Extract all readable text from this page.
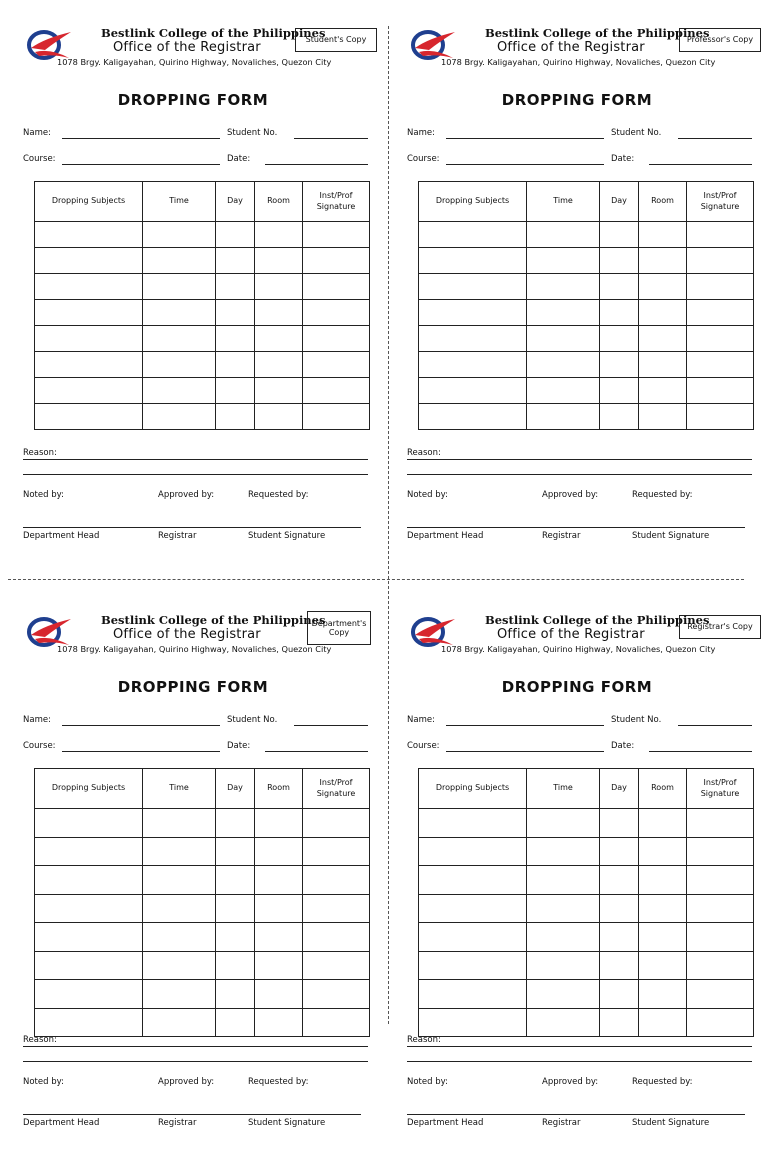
Bestlink College of the Philippines
Office of the Registrar
1078 Brgy. Kaligayahan, Quirino Highway, Novaliches, Quezon City
Student's Copy
DROPPING FORM
Name:	Student No.
Course:	Date:
Dropping Subjects	Time	Day	Room	Inst/Prof
Signature

Reason:
Noted by:	Approved by:	Requested by:
Department Head	Registrar	Student Signature
Bestlink College of the Philippines
Office of the Registrar
1078 Brgy. Kaligayahan, Quirino Highway, Novaliches, Quezon City
Professor's Copy
DROPPING FORM
Name:	Student No.
Course:	Date:
Dropping Subjects	Time	Day	Room	Inst/Prof
Signature

Reason:
Noted by:	Approved by:	Requested by:
Department Head	Registrar	Student Signature
Bestlink College of the Philippines
Office of the Registrar
1078 Brgy. Kaligayahan, Quirino Highway, Novaliches, Quezon City
Department's
Copy
DROPPING FORM
Name:	Student No.
Course:	Date:
Dropping Subjects	Time	Day	Room	Inst/Prof
Signature

Reason:
Noted by:	Approved by:	Requested by:
Department Head	Registrar	Student Signature
Bestlink College of the Philippines
Office of the Registrar
1078 Brgy. Kaligayahan, Quirino Highway, Novaliches, Quezon City
Registrar's Copy
DROPPING FORM
Name:	Student No.
Course:	Date:
Dropping Subjects	Time	Day	Room	Inst/Prof
Signature

Reason:
Noted by:	Approved by:	Requested by:
Department Head	Registrar	Student Signature
